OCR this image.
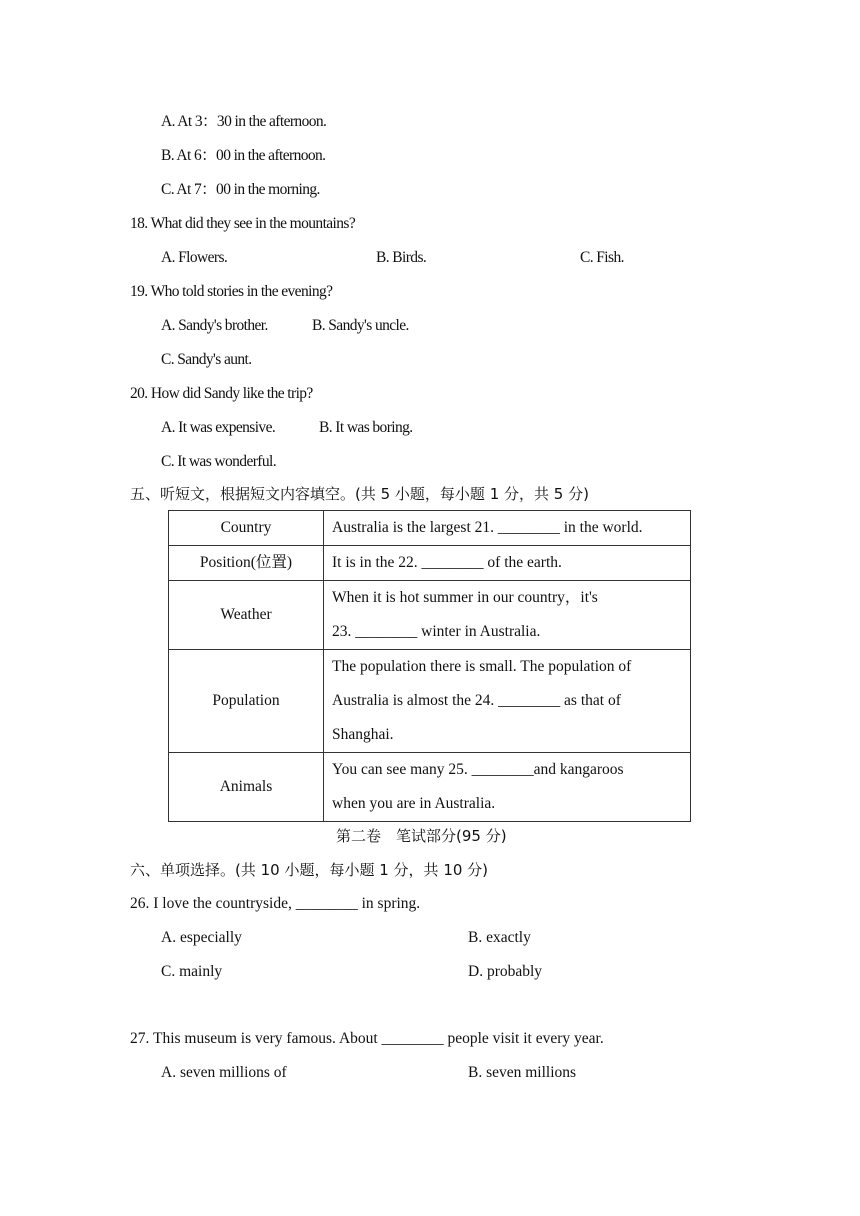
A. At 3：30 in the afternoon.
B. At 6：00 in the afternoon.
C. At 7：00 in the morning.
18. What did they see in the mountains?
A. Flowers.	B. Birds.	C. Fish.
19. Who told stories in the evening?
A. Sandy's brother.	B. Sandy's uncle.
C. Sandy's aunt.
20. How did Sandy like the trip?
A. It was expensive.	B. It was boring.
C. It was wonderful.
五、听短文，根据短文内容填空。(共 5 小题，每小题 1 分，共 5 分)
Country	Australia is the largest 21. ________ in the world.

Position(位置)	It is in the 22. ________ of the earth.

Weather	When it is hot summer in our country，it's
23. ________ winter in Australia.

Population	The population there is small. The population of
Australia is almost the 24. ________ as that of
Shanghai.

Animals	You can see many 25. ________and kangaroos
when you are in Australia.
第二卷　笔试部分(95 分)
六、单项选择。(共 10 小题，每小题 1 分，共 10 分)
26. I love the countryside, ________ in spring.
A. especially	B. exactly
C. mainly	D. probably
27. This museum is very famous. About ________ people visit it every year.
A. seven millions of	B. seven millions
